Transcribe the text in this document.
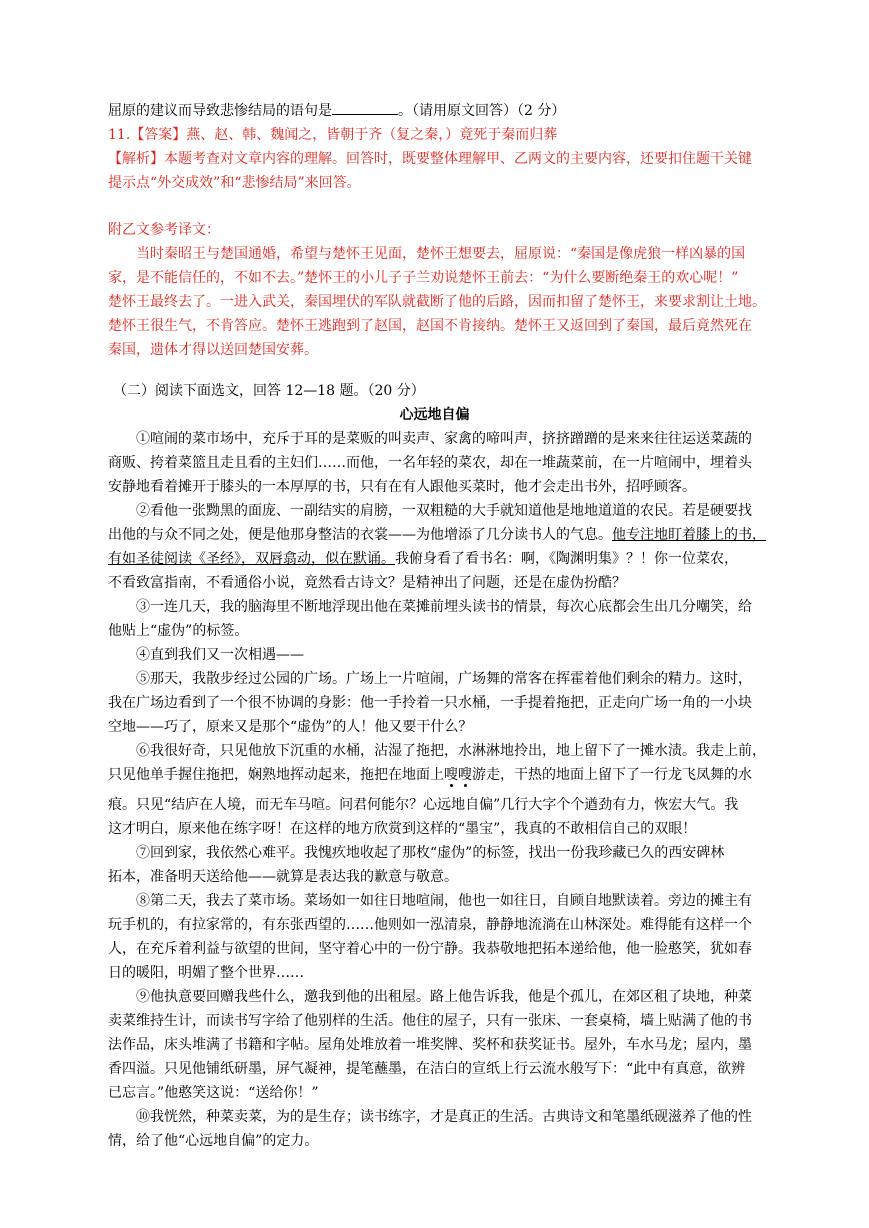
屈原的建议而导致悲惨结局的语句是	。（请用原文回答）（2 分）
11.【答案】燕、赵、韩、魏闻之，皆朝于齐（复之秦，）竟死于秦而归葬
【解析】本题考查对文章内容的理解。回答时，既要整体理解甲、乙两文的主要内容，还要扣住题干关键
提示点“外交成效”和“悲惨结局”来回答。
附乙文参考译文：
当时秦昭王与楚国通婚，希望与楚怀王见面，楚怀王想要去，屈原说：“秦国是像虎狼一样凶暴的国
家，是不能信任的，不如不去。”楚怀王的小儿子子兰劝说楚怀王前去：“为什么要断绝秦王的欢心呢！”
楚怀王最终去了。一进入武关，秦国埋伏的军队就截断了他的后路，因而扣留了楚怀王，来要求割让土地。
楚怀王很生气，不肯答应。楚怀王逃跑到了赵国，赵国不肯接纳。楚怀王又返回到了秦国，最后竟然死在
秦国，遗体才得以送回楚国安葬。
（二）阅读下面选文，回答 12—18 题。（20 分）
心远地自偏
①喧闹的菜市场中，充斥于耳的是菜贩的叫卖声、家禽的啼叫声，挤挤蹭蹭的是来来往往运送菜蔬的
商贩、挎着菜篮且走且看的主妇们……而他，一名年轻的菜农，却在一堆蔬菜前，在一片喧闹中，埋着头
安静地看着摊开于膝头的一本厚厚的书，只有在有人跟他买菜时，他才会走出书外，招呼顾客。
②看他一张黝黑的面庞、一副结实的肩膀，一双粗糙的大手就知道他是地地道道的农民。若是硬要找
出他的与众不同之处，便是他那身整洁的衣裳——为他增添了几分读书人的气息。他专注地盯着膝上的书，
有如圣徒阅读《圣经》，双唇翕动，似在默诵。我俯身看了看书名：啊，《陶渊明集》？！你一位菜农，
不看致富指南，不看通俗小说，竟然看古诗文？是精神出了问题，还是在虚伪扮酷？
③一连几天，我的脑海里不断地浮现出他在菜摊前埋头读书的情景，每次心底都会生出几分嘲笑，给
他贴上“虚伪”的标签。
④直到我们又一次相遇——
⑤那天，我散步经过公园的广场。广场上一片喧闹，广场舞的常客在挥霍着他们剩余的精力。这时，
我在广场边看到了一个很不协调的身影：他一手拎着一只水桶，一手提着拖把，正走向广场一角的一小块
空地——巧了，原来又是那个“虚伪”的人！他又要干什么？
⑥我很好奇，只见他放下沉重的水桶，沾湿了拖把，水淋淋地拎出，地上留下了一摊水渍。我走上前，
只见他单手握住拖把，娴熟地挥动起来，拖把在地面上嗖嗖游走，干热的地面上留下了一行龙飞凤舞的水
痕。只见“结庐在人境，而无车马喧。问君何能尔？心远地自偏”几行大字个个遒劲有力，恢宏大气。我
这才明白，原来他在练字呀！在这样的地方欣赏到这样的“墨宝”，我真的不敢相信自己的双眼！
⑦回到家，我依然心难平。我愧疚地收起了那枚“虚伪”的标签，找出一份我珍藏已久的西安碑林
拓本，准备明天送给他——就算是表达我的歉意与敬意。
⑧第二天，我去了菜市场。菜场如一如往日地喧闹，他也一如往日，自顾自地默读着。旁边的摊主有
玩手机的，有拉家常的，有东张西望的……他则如一泓清泉，静静地流淌在山林深处。难得能有这样一个
人，在充斥着利益与欲望的世间，坚守着心中的一份宁静。我恭敬地把拓本递给他，他一脸憨笑，犹如春
日的暖阳，明媚了整个世界……
⑨他执意要回赠我些什么，邀我到他的出租屋。路上他告诉我，他是个孤儿，在郊区租了块地，种菜
卖菜维持生计，而读书写字给了他别样的生活。他住的屋子，只有一张床、一套桌椅，墙上贴满了他的书
法作品，床头堆满了书籍和字帖。屋角处堆放着一堆奖牌、奖杯和获奖证书。屋外，车水马龙；屋内，墨
香四溢。只见他铺纸研墨，屏气凝神，提笔蘸墨，在洁白的宣纸上行云流水般写下：“此中有真意，欲辨
已忘言。”他憨笑这说：“送给你！”
⑩我恍然，种菜卖菜，为的是生存；读书练字，才是真正的生活。古典诗文和笔墨纸砚滋养了他的性
情，给了他“心远地自偏”的定力。
